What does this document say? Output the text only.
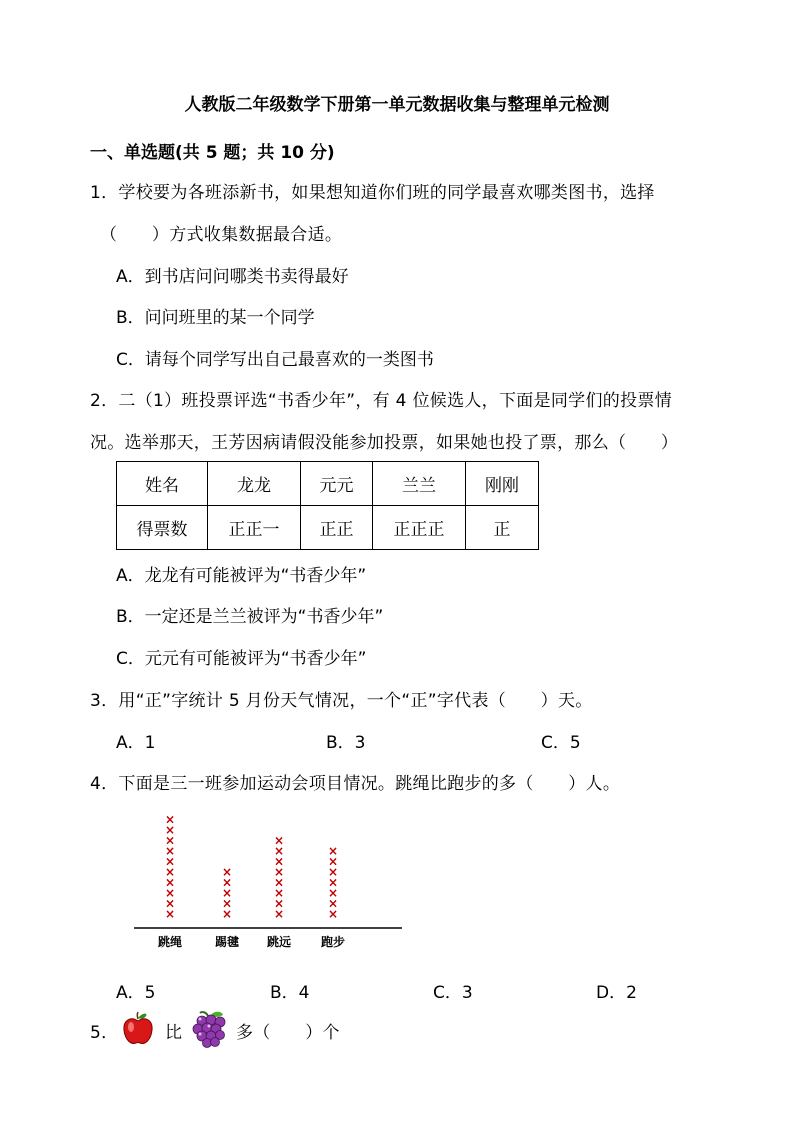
人教版二年级数学下册第一单元数据收集与整理单元检测
一、单选题(共 5 题；共 10 分)
1．学校要为各班添新书，如果想知道你们班的同学最喜欢哪类图书，选择
（　　）方式收集数据最合适。
A．到书店问问哪类书卖得最好
B．问问班里的某一个同学
C．请每个同学写出自己最喜欢的一类图书
2．二（1）班投票评选“书香少年”，有 4 位候选人，下面是同学们的投票情
况。选举那天，王芳因病请假没能参加投票，如果她也投了票，那么（　　）
姓名	龙龙	元元	兰兰	刚刚
得票数	正正一	正正	正正正	正
A．龙龙有可能被评为“书香少年”
B．一定还是兰兰被评为“书香少年”
C．元元有可能被评为“书香少年”
3．用“正”字统计 5 月份天气情况，一个“正”字代表（　　）天。
A．1	B．3	C．5
4．下面是三一班参加运动会项目情况。跳绳比跑步的多（　　）人。
×
×
×
×
×
×
×
×
×
×
×
×
×
×
×
×
×
×
×
×
×
×
×
×
×
×
×
×
×
×
跳绳	踢毽 跳远 跑步
A．5	B．4	C．3	D．2
5．	比	多（　　）个
